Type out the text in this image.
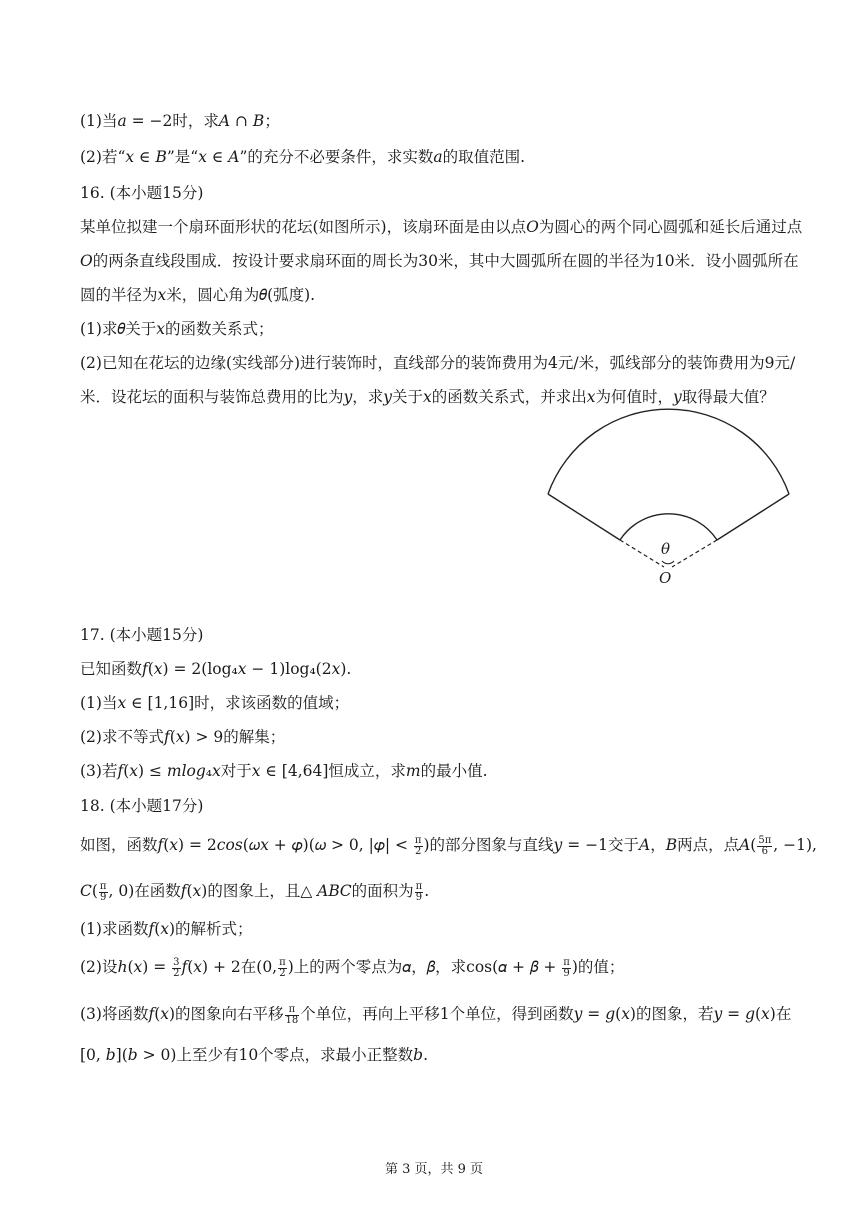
(1)当𝑎 = −2时，求𝐴 ∩ 𝐵；
(2)若“𝑥 ∈ 𝐵”是“𝑥 ∈ 𝐴”的充分不必要条件，求实数𝑎的取值范围.
16. (本小题15分)
某单位拟建一个扇环面形状的花坛(如图所示)，该扇环面是由以点𝑂为圆心的两个同心圆弧和延长后通过点
𝑂的两条直线段围成．按设计要求扇环面的周长为30米，其中大圆弧所在圆的半径为10米．设小圆弧所在
圆的半径为𝑥米，圆心角为𝜃(弧度).
(1)求𝜃关于𝑥的函数关系式；
(2)已知在花坛的边缘(实线部分)进行装饰时，直线部分的装饰费用为4元/米，弧线部分的装饰费用为9元/
米．设花坛的面积与装饰总费用的比为𝑦，求𝑦关于𝑥的函数关系式，并求出𝑥为何值时，𝑦取得最大值？
θ
O
17. (本小题15分)
已知函数𝑓(𝑥) = 2(log₄𝑥 − 1)log₄(2𝑥).
(1)当𝑥 ∈ [1,16]时，求该函数的值域；
(2)求不等式𝑓(𝑥) > 9的解集；
(3)若𝑓(𝑥) ≤ 𝑚𝑙𝑜𝑔₄𝑥对于𝑥 ∈ [4,64]恒成立，求𝑚的最小值.
18. (本小题17分)
如图，函数𝑓(𝑥) = 2𝑐𝑜𝑠(𝜔𝑥 + 𝜑)(𝜔 > 0, |𝜑| < $\frac{\pi}{2}$ )的部分图象与直线𝑦 = −1交于𝐴，𝐵两点，点𝐴( $\frac{5\pi}{6}$ , −1),
𝐶( $\frac{\pi}{9}$ , 0)在函数𝑓(𝑥)的图象上，且△ 𝐴𝐵𝐶的面积为 $\frac{\pi}{9}$ .
(1)求函数𝑓(𝑥)的解析式；
(2)设ℎ(𝑥) = $\frac{3}{2}$ 𝑓(𝑥) + 2在(0, $\frac{\pi}{2}$ )上的两个零点为𝛼，𝛽，求cos(𝛼 + 𝛽 + $\frac{\pi}{9}$ )的值；
(3)将函数𝑓(𝑥)的图象向右平移 $\frac{\pi}{18}$ 个单位，再向上平移1个单位，得到函数𝑦 = 𝑔(𝑥)的图象，若𝑦 = 𝑔(𝑥)在
[0, 𝑏](𝑏 > 0)上至少有10个零点，求最小正整数𝑏.
第 3 页，共 9 页
